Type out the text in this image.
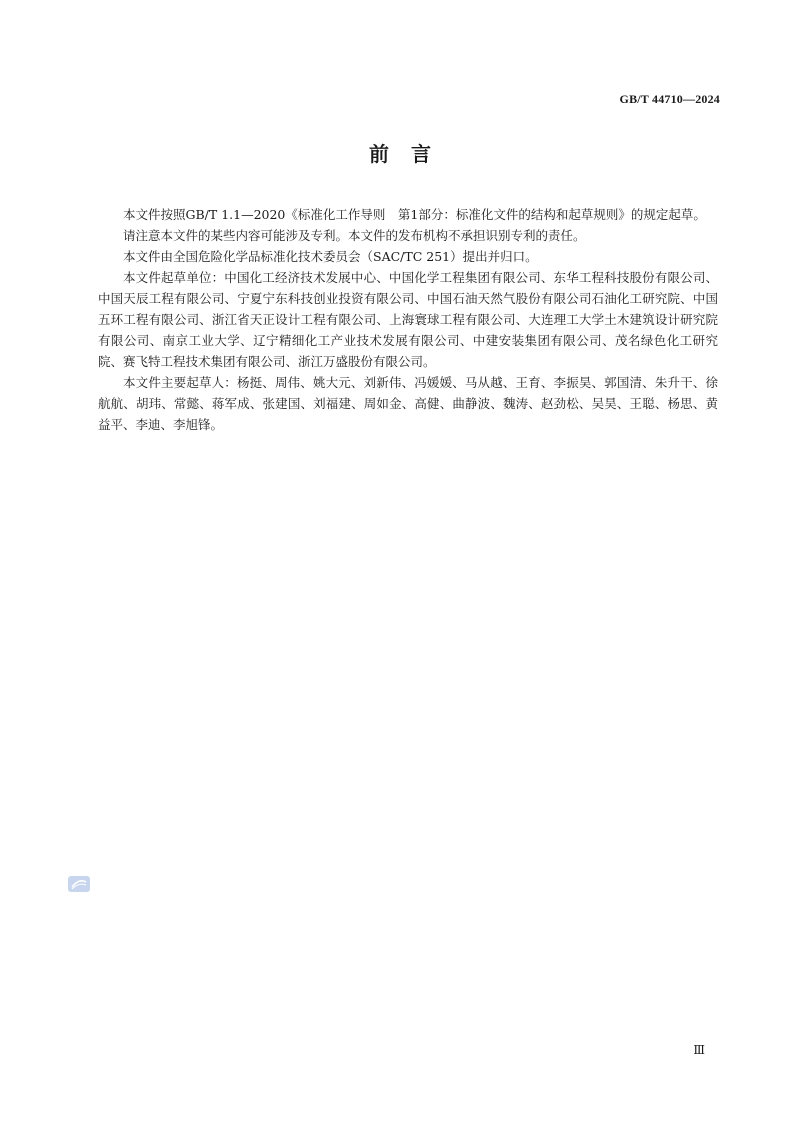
GB/T 44710—2024
前言

本文件按照GB/T 1.1—2020《标准化工作导则　第1部分：标准化文件的结构和起草规则》的规定起草。

请注意本文件的某些内容可能涉及专利。本文件的发布机构不承担识别专利的责任。

本文件由全国危险化学品标准化技术委员会（SAC/TC 251）提出并归口。

本文件起草单位：中国化工经济技术发展中心、中国化学工程集团有限公司、东华工程科技股份有限公司、中国天辰工程有限公司、宁夏宁东科技创业投资有限公司、中国石油天然气股份有限公司石油化工研究院、中国五环工程有限公司、浙江省天正设计工程有限公司、上海寰球工程有限公司、大连理工大学土木建筑设计研究院有限公司、南京工业大学、辽宁精细化工产业技术发展有限公司、中建安装集团有限公司、茂名绿色化工研究院、赛飞特工程技术集团有限公司、浙江万盛股份有限公司。

本文件主要起草人：杨挺、周伟、姚大元、刘新伟、冯媛媛、马从越、王育、李振昊、郭国清、朱升干、徐航航、胡玮、常懿、蒋军成、张建国、刘福建、周如金、高健、曲静波、魏涛、赵劲松、吴昊、王聪、杨思、黄益平、李迪、李旭锋。

Ⅲ
